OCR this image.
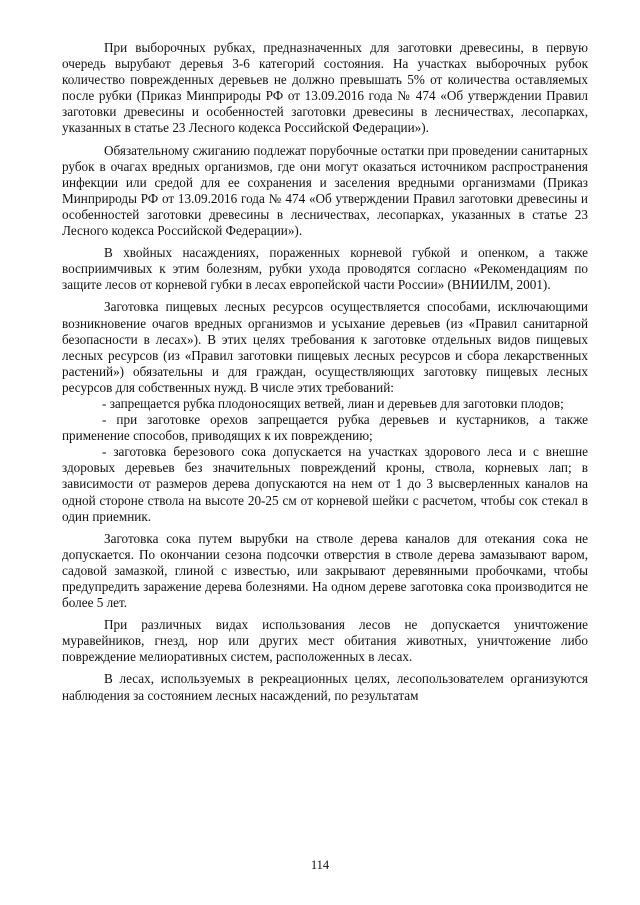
При выборочных рубках, предназначенных для заготовки древесины, в первую очередь вырубают деревья 3-6 категорий состояния. На участках выборочных рубок количество поврежденных деревьев не должно превышать 5% от количества оставляемых после рубки (Приказ Минприроды РФ от 13.09.2016 года № 474 «Об утверждении Правил заготовки древесины и особенностей заготовки древесины в лесничествах, лесопарках, указанных в статье 23 Лесного кодекса Российской Федерации»).

Обязательному сжиганию подлежат порубочные остатки при проведении санитарных рубок в очагах вредных организмов, где они могут оказаться источником распространения инфекции или средой для ее сохранения и заселения вредными организмами (Приказ Минприроды РФ от 13.09.2016 года № 474 «Об утверждении Правил заготовки древесины и особенностей заготовки древесины в лесничествах, лесопарках, указанных в статье 23 Лесного кодекса Российской Федерации»).

В хвойных насаждениях, пораженных корневой губкой и опенком, а также восприимчивых к этим болезням, рубки ухода проводятся согласно «Рекомендациям по защите лесов от корневой губки в лесах европейской части России» (ВНИИЛМ, 2001).

Заготовка пищевых лесных ресурсов осуществляется способами, исключающими возникновение очагов вредных организмов и усыхание деревьев (из «Правил санитарной безопасности в лесах»). В этих целях требования к заготовке отдельных видов пищевых лесных ресурсов (из «Правил заготовки пищевых лесных ресурсов и сбора лекарственных растений») обязательны и для граждан, осуществляющих заготовку пищевых лесных ресурсов для собственных нужд. В числе этих требований:

- запрещается рубка плодоносящих ветвей, лиан и деревьев для заготовки плодов;

- при заготовке орехов запрещается рубка деревьев и кустарников, а также применение способов, приводящих к их повреждению;

- заготовка березового сока допускается на участках здорового леса и с внешне здоровых деревьев без значительных повреждений кроны, ствола, корневых лап; в зависимости от размеров дерева допускаются на нем от 1 до 3 высверленных каналов на одной стороне ствола на высоте 20-25 см от корневой шейки с расчетом, чтобы сок стекал в один приемник.

Заготовка сока путем вырубки на стволе дерева каналов для отекания сока не допускается. По окончании сезона подсочки отверстия в стволе дерева замазывают варом, садовой замазкой, глиной с известью, или закрывают деревянными пробочками, чтобы предупредить заражение дерева болезнями. На одном дереве заготовка сока производится не более 5 лет.

При различных видах использования лесов не допускается уничтожение муравейников, гнезд, нор или других мест обитания животных, уничтожение либо повреждение мелиоративных систем, расположенных в лесах.

В лесах, используемых в рекреационных целях, лесопользователем организуются наблюдения за состоянием лесных насаждений, по результатам

114
